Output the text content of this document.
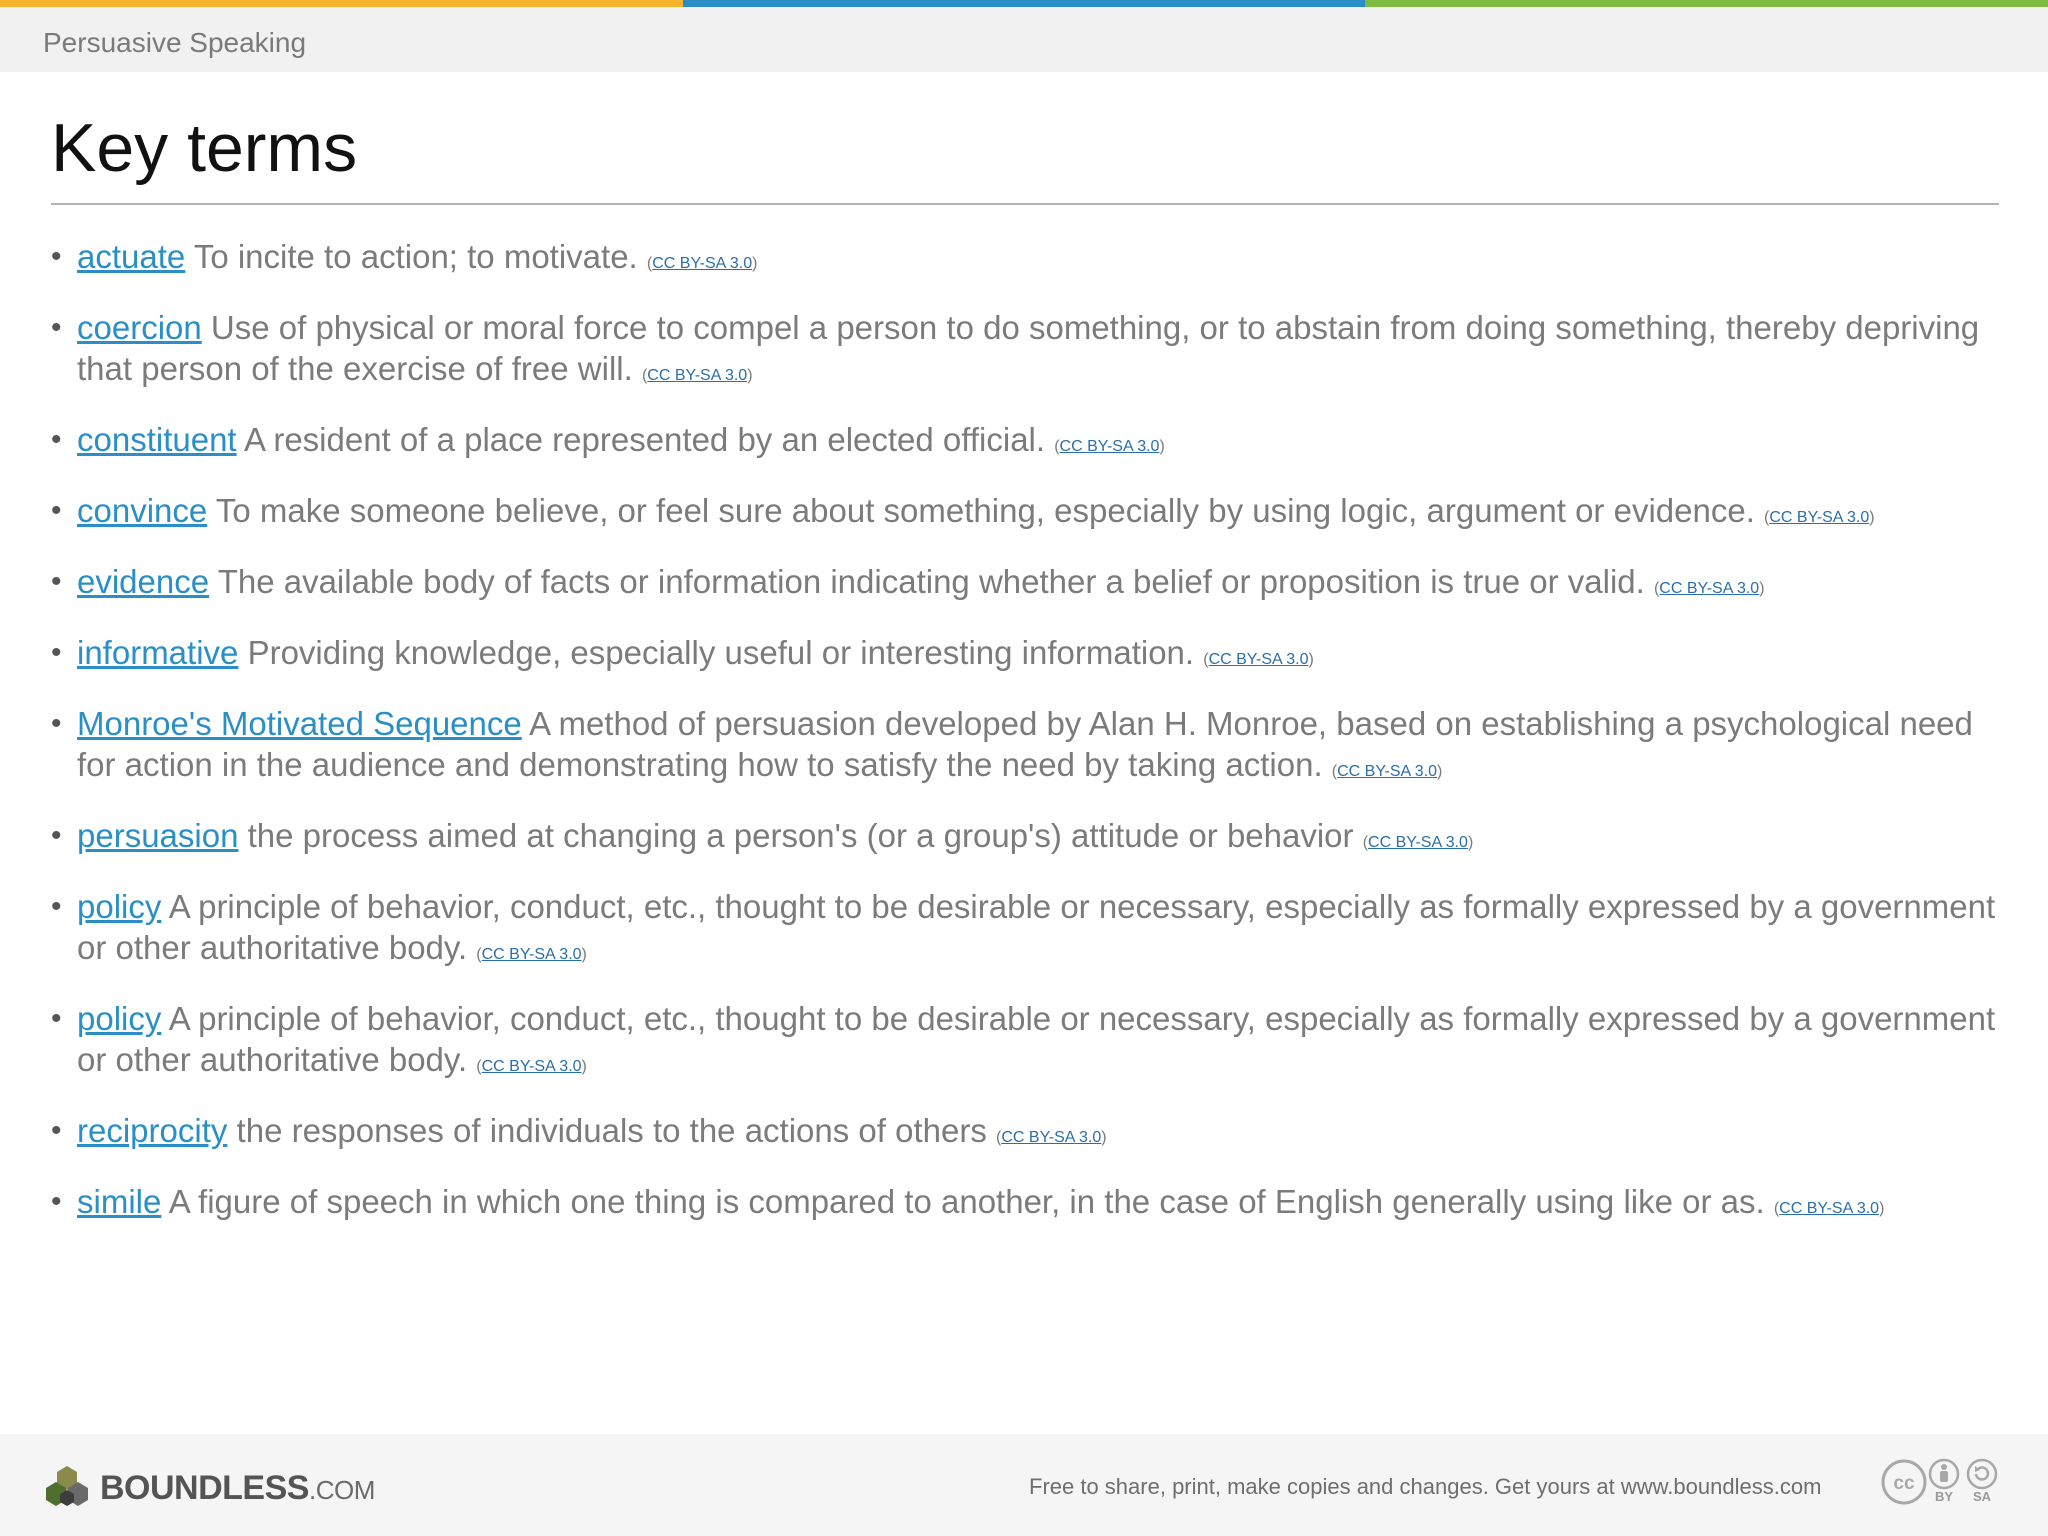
Persuasive Speaking
Key terms
• actuate To incite to action; to motivate. (CC BY-SA 3.0)
• coercion Use of physical or moral force to compel a person to do something, or to abstain from doing something, thereby depriving that person of the exercise of free will. (CC BY-SA 3.0)
• constituent A resident of a place represented by an elected official. (CC BY-SA 3.0)
• convince To make someone believe, or feel sure about something, especially by using logic, argument or evidence. (CC BY-SA 3.0)
• evidence The available body of facts or information indicating whether a belief or proposition is true or valid. (CC BY-SA 3.0)
• informative Providing knowledge, especially useful or interesting information. (CC BY-SA 3.0)
• Monroe's Motivated Sequence A method of persuasion developed by Alan H. Monroe, based on establishing a psychological need for action in the audience and demonstrating how to satisfy the need by taking action. (CC BY-SA 3.0)
• persuasion the process aimed at changing a person's (or a group's) attitude or behavior (CC BY-SA 3.0)
• policy A principle of behavior, conduct, etc., thought to be desirable or necessary, especially as formally expressed by a government or other authoritative body. (CC BY-SA 3.0)
• policy A principle of behavior, conduct, etc., thought to be desirable or necessary, especially as formally expressed by a government or other authoritative body. (CC BY-SA 3.0)
• reciprocity the responses of individuals to the actions of others (CC BY-SA 3.0)
• simile A figure of speech in which one thing is compared to another, in the case of English generally using like or as. (CC BY-SA 3.0)
BOUNDLESS.COM	Free to share, print, make copies and changes. Get yours at www.boundless.com	cc
BY SA
